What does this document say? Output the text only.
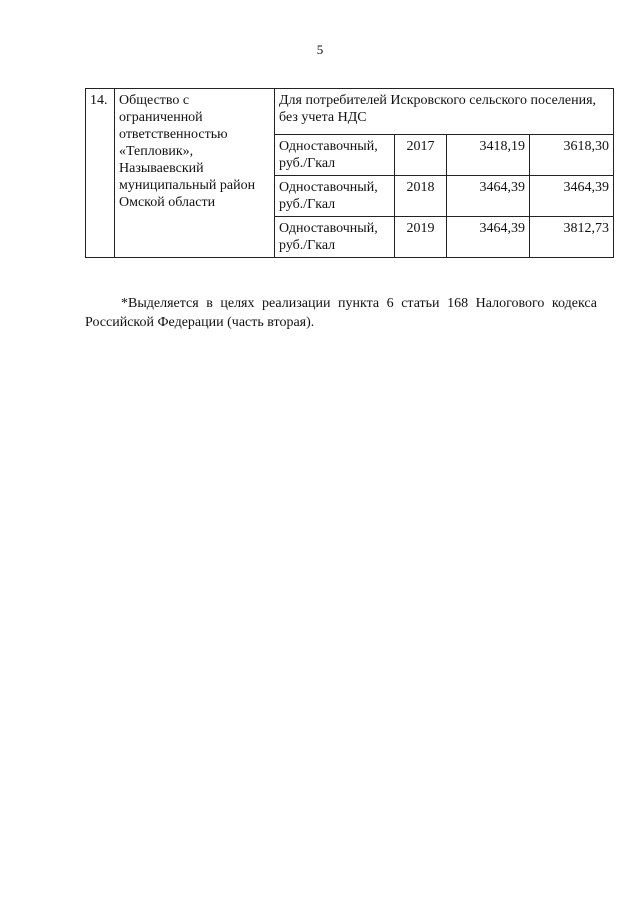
5
14.	Общество с ограниченной ответственностью «Тепловик», Называевский муниципальный район Омской области	Для потребителей Искровского сельского поселения, без учета НДС			
		Одноставочный, руб./Гкал	2017	3418,19	3618,30
		Одноставочный, руб./Гкал	2018	3464,39	3464,39
		Одноставочный, руб./Гкал	2019	3464,39	3812,73

*Выделяется в целях реализации пункта 6 статьи 168 Налогового кодекса Российской Федерации (часть вторая).
